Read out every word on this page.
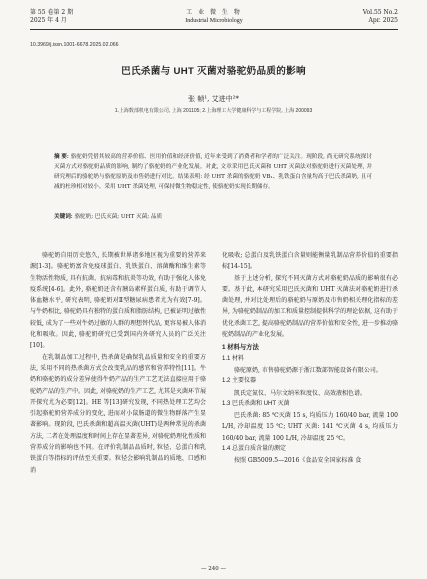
第 55 卷第 2 期
2025 年 4 月
工 业 微 生 物
Industrial Microbiology
Vol.55 No.2
Apr. 2025
10.3969/j.issn.1001-6678.2025.02.066
巴氏杀菌与 UHT 灭菌对骆驼奶品质的影响
张 帧¹, 艾进中²*
1.上海数部机电有限公司, 上海 201105; 2.上海理工大学健康科学与工程学院, 上海 200093
摘 要: 骆驼奶凭借其较高的营养价值、医用价值和经济价值, 近年来受到了消费者和学者的广泛关注。现阶段, 尚无研究系统探讨灭菌方式对骆驼奶品质的影响, 制约了骆驼奶的产业化发展。对此, 文章采用巴氏灭菌和 UHT 灭菌法对骆驼奶进行灭菌处理, 并研究理后的骆驼奶与骆驼原奶及市售奶进行对比。结果表明: 经 UHT 杀菌的骆驼奶 VB₁、乳铁蛋白含量均高于巴氏杀菌奶, 且可减的杜珍相对较小。采用 UHT 杀菌处理, 可保持微生物稳定性, 使骆驼奶实现长期储存。
关键词: 骆驼奶; 巴氏灭菌; UHT 灭菌; 品质

骆驼奶自用历史悠久, 长期被世界诸多地区视为重要的营养来源[1-3]。骆驼奶富含免疫球蛋白、乳铁蛋白、溶菌酶和维生素等生物活性物质, 具有抗菌、抗病毒和抗炎等功效, 有助于强化人体免疫系统[4-6]。此外, 骆驼奶还含有胰岛素样蛋白质, 有助于调节人体血糖水平, 研究表明, 骆驼奶对Ⅱ型糖尿病患者尤为有效[7-9]。与牛奶相比, 骆驼奶具有独特的蛋白质和脂肪结构, 已被证明过敏性较低, 成为了一些对牛奶过敏的人群的理想替代品, 更容易被人体消化和吸收。因此, 骆驼奶研究已受到国内外研究人员的广泛关注[10]。

在乳制品加工过程中, 热杀菌是确保乳品质量和安全的重要方法, 采用不同的热杀菌方式会改变乳品的感官和营养特性[11]。牛奶和骆驼奶的成分差异使得牛奶产品的生产工艺无法直接应用于骆驼奶产品的生产中。因此, 对骆驼奶的生产工艺, 尤其是灭菌环节展开探究尤为必要[12]。HE 等[13]研究发现, 不同热处理工艺均会引起骆驼奶营养成分的变化, 进而对小鼠肠道的微生物群落产生显著影响。现阶段, 巴氏杀菌和超高温灭菌(UHT)是两种常见的杀菌方法, 二者在处理温度和时间上存在显著差异, 对骆驼奶理化性质和营养成分的影响也不同。在评价乳制品品质时, 粒径、总蛋白和乳铁蛋白等指标的评估至关重要。粒径会影响乳制品的质地、口感和消

化吸收; 总蛋白及乳铁蛋白含量则能衡量乳制品营养价值的重要指标[14-15]。

基于上述分析, 探究不同灭菌方式对骆驼奶品质的影响很有必要。基于此, 本研究采用巴氏灭菌和 UHT 灭菌法对骆驼奶进行杀菌处理, 并对比处理后的骆驼奶与原奶及市售奶相关理化指标的差异, 为骆驼奶制品的加工和质量控制提供科学的理论依据, 这有助于优化杀菌工艺, 提高骆驼奶制品的营养价值和安全性, 进一步推动骆驼奶制品的产业化发展。

1 材料与方法
1.1 材料

骆驼原奶, 市售骆驼奶源于浙江数部智能设备有限公司。

1.2 主要仪器

凯氏定氮仪、马尔文纳米粒度仪、高效液相色谱。

1.3 巴氏杀菌和 UHT 灭菌

巴氏杀菌: 85 ℃灭菌 15 s, 均质压力 160/40 bar, 流量 100 L/H, 冷却温度 15 ℃; UHT 灭菌: 141 ℃灭菌 4 s, 均质压力 160/40 bar, 流量 100 L/H, 冷却温度 25 ℃。

1.4 总蛋白质含量的测定

按照 GB5009.5—2016《食品安全国家标准 食

— 240 —
